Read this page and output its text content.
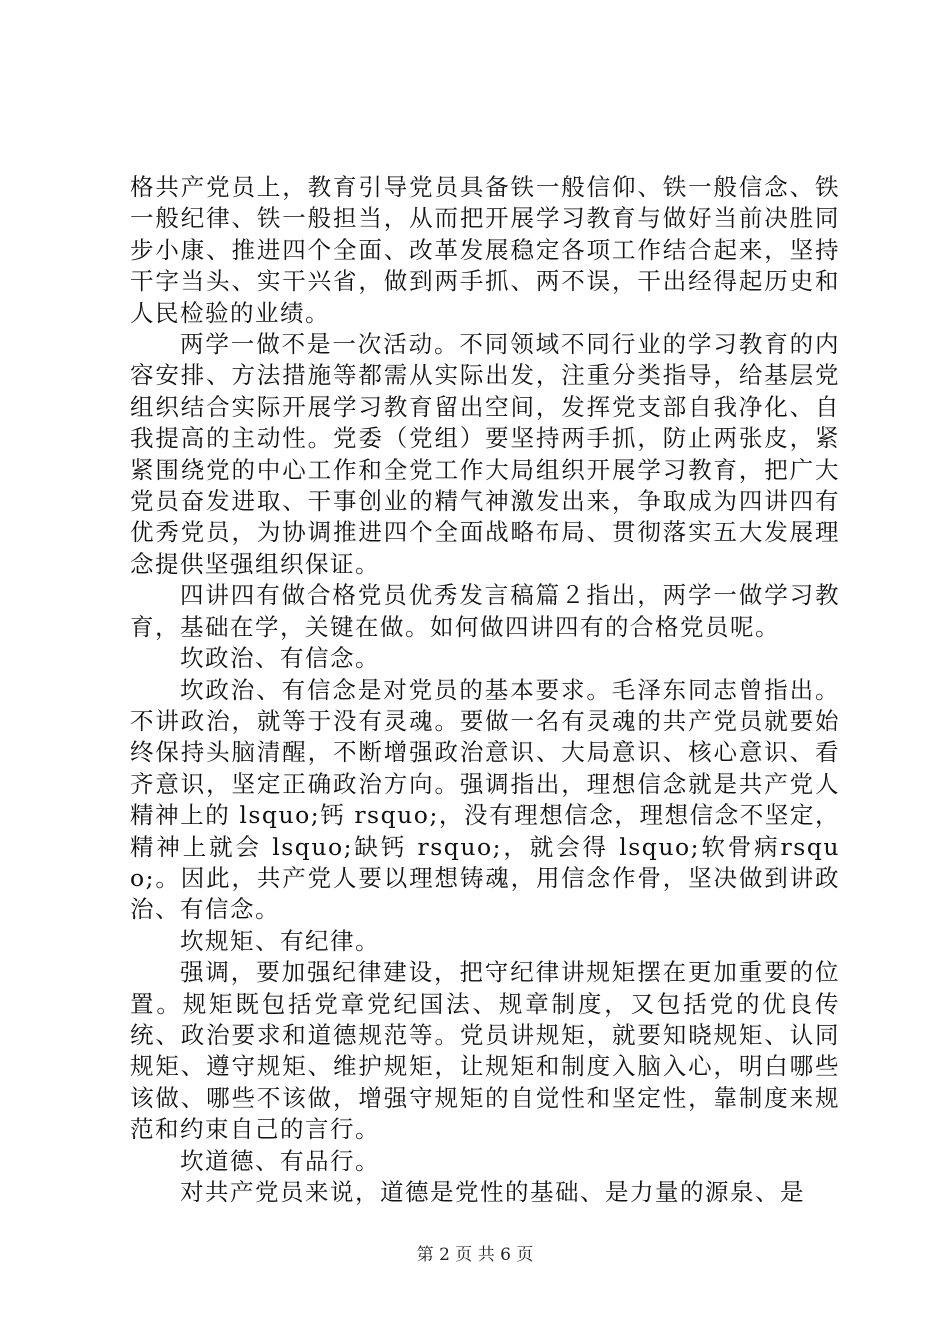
格共产党员上，教育引导党员具备铁一般信仰、铁一般信念、铁一般纪律、铁一般担当，从而把开展学习教育与做好当前决胜同步小康、推进四个全面、改革发展稳定各项工作结合起来，坚持干字当头、实干兴省，做到两手抓、两不误，干出经得起历史和人民检验的业绩。

两学一做不是一次活动。不同领域不同行业的学习教育的内容安排、方法措施等都需从实际出发，注重分类指导，给基层党组织结合实际开展学习教育留出空间，发挥党支部自我净化、自我提高的主动性。党委（党组）要坚持两手抓，防止两张皮，紧紧围绕党的中心工作和全党工作大局组织开展学习教育，把广大党员奋发进取、干事创业的精气神激发出来，争取成为四讲四有优秀党员，为协调推进四个全面战略布局、贯彻落实五大发展理念提供坚强组织保证。

四讲四有做合格党员优秀发言稿篇２指出，两学一做学习教育，基础在学，关键在做。如何做四讲四有的合格党员呢。

坎政治、有信念。

坎政治、有信念是对党员的基本要求。毛泽东同志曾指出。不讲政治，就等于没有灵魂。要做一名有灵魂的共产党员就要始终保持头脑清醒，不断增强政治意识、大局意识、核心意识、看齐意识，坚定正确政治方向。强调指出，理想信念就是共产党人精神上的 lsquo;钙 rsquo;，没有理想信念，理想信念不坚定，精神上就会 lsquo;缺钙 rsquo;，就会得 lsquo;软骨病rsquo;。因此，共产党人要以理想铸魂，用信念作骨，坚决做到讲政治、有信念。

坎规矩、有纪律。

强调，要加强纪律建设，把守纪律讲规矩摆在更加重要的位置。规矩既包括党章党纪国法、规章制度，又包括党的优良传统、政治要求和道德规范等。党员讲规矩，就要知晓规矩、认同规矩、遵守规矩、维护规矩，让规矩和制度入脑入心，明白哪些该做、哪些不该做，增强守规矩的自觉性和坚定性，靠制度来规范和约束自己的言行。

坎道德、有品行。

对共产党员来说，道德是党性的基础、是力量的源泉、是

第 2 页 共 6 页
